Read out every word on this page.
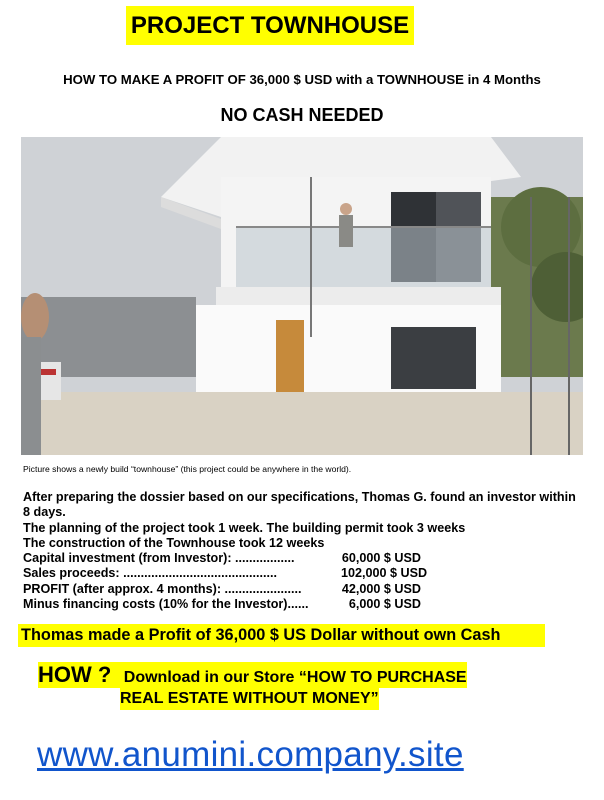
PROJECT TOWNHOUSE
HOW TO MAKE A PROFIT OF 36,000 $ USD with a TOWNHOUSE in 4 Months
NO CASH NEEDED
Picture shows a newly build “townhouse” (this project could be anywhere in the world).

After preparing the dossier based on our specifications, Thomas G. found an investor within 8 days.

The planning of the project took 1 week. The building permit took 3 weeks

The construction of the Townhouse took 12 weeks

Capital investment (from Investor): .................	60,000 $ USD
Sales proceeds: ............................................	102,000 $ USD
PROFIT (after approx. 4 months): ......................	42,000 $ USD
Minus financing costs (10% for the Investor)......	6,000 $ USD
Thomas made a Profit of 36,000 $ US Dollar without own Cash
HOW ? Download in our Store “HOW TO PURCHASE
REAL ESTATE WITHOUT MONEY”
www.anumini.company.site
